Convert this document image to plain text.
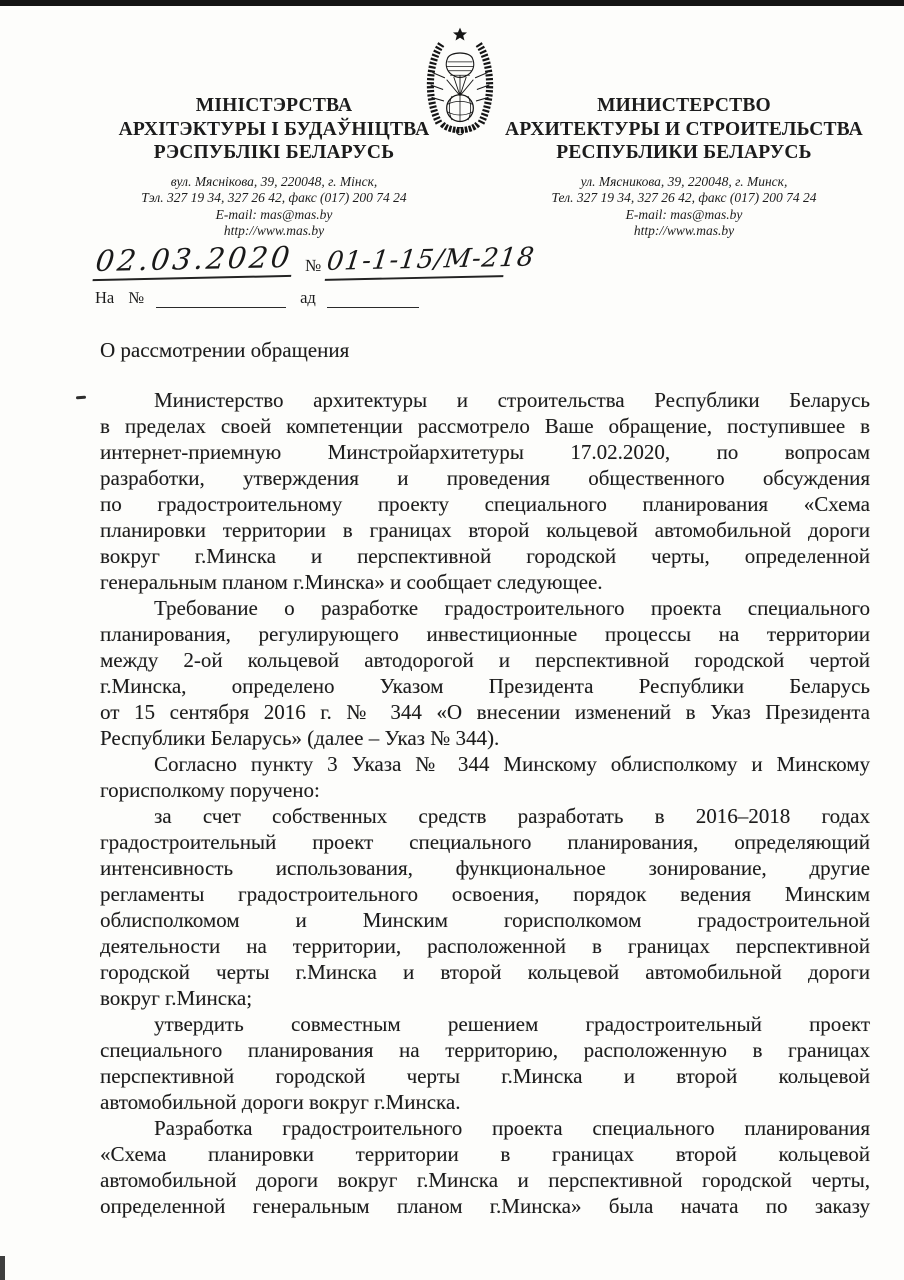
МІНІСТЭРСТВА
АРХІТЭКТУРЫ І БУДАЎНІЦТВА
РЭСПУБЛІКІ БЕЛАРУСЬ
вул. Мяснікова, 39, 220048, г. Мінск,
Тэл. 327 19 34, 327 26 42, факс (017) 200 74 24
E-mail: mas@mas.by
http://www.mas.by
МИНИСТЕРСТВО
АРХИТЕКТУРЫ И СТРОИТЕЛЬСТВА
РЕСПУБЛИКИ БЕЛАРУСЬ
ул. Мясникова, 39, 220048, г. Минск,
Тел. 327 19 34, 327 26 42, факс (017) 200 74 24
E-mail: mas@mas.by
http://www.mas.by
02.03.2020 № 01-1-15/М-218
На №	ад
О рассмотрении обращения
Министерство архитектуры и строительства Республики Беларусь
в пределах своей компетенции рассмотрело Ваше обращение, поступившее в
интернет-приемную Минстройархитетуры 17.02.2020, по вопросам
разработки, утверждения и проведения общественного обсуждения
по градостроительному проекту специального планирования «Схема
планировки территории в границах второй кольцевой автомобильной дороги
вокруг г.Минска и перспективной городской черты, определенной
генеральным планом г.Минска» и сообщает следующее.
Требование о разработке градостроительного проекта специального
планирования, регулирующего инвестиционные процессы на территории
между 2-ой кольцевой автодорогой и перспективной городской чертой
г.Минска, определено Указом Президента Республики Беларусь
от 15 сентября 2016 г. № 344 «О внесении изменений в Указ Президента
Республики Беларусь» (далее – Указ № 344).
Согласно пункту 3 Указа № 344 Минскому облисполкому и Минскому
горисполкому поручено:
за счет собственных средств разработать в 2016–2018 годах
градостроительный проект специального планирования, определяющий
интенсивность использования, функциональное зонирование, другие
регламенты градостроительного освоения, порядок ведения Минским
облисполкомом и Минским горисполкомом градостроительной
деятельности на территории, расположенной в границах перспективной
городской черты г.Минска и второй кольцевой автомобильной дороги
вокруг г.Минска;
утвердить совместным решением градостроительный проект
специального планирования на территорию, расположенную в границах
перспективной городской черты г.Минска и второй кольцевой
автомобильной дороги вокруг г.Минска.
Разработка градостроительного проекта специального планирования
«Схема планировки территории в границах второй кольцевой
автомобильной дороги вокруг г.Минска и перспективной городской черты,
определенной генеральным планом г.Минска» была начата по заказу
